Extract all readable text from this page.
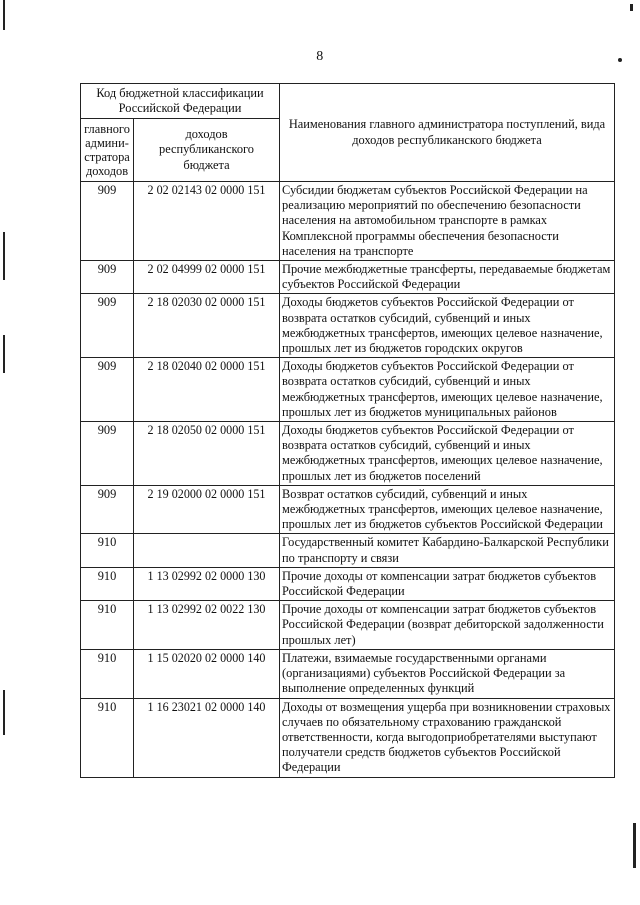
8
Код бюджетной классификации Российской Федерации		Наименования главного администратора поступлений, вида доходов республиканского бюджета
главного админи-стратора доходов	доходов республиканского бюджета	
909	2 02 02143 02 0000 151	Субсидии бюджетам субъектов Российской Федерации на реализацию мероприятий по обеспечению безопасности населения на автомобильном транспорте в рамках Комплексной программы обеспечения безопасности населения на транспорте
909	2 02 04999 02 0000 151	Прочие межбюджетные трансферты, передаваемые бюджетам субъектов Российской Федерации
909	2 18 02030 02 0000 151	Доходы бюджетов субъектов Российской Федерации от возврата остатков субсидий, субвенций и иных межбюджетных трансфертов, имеющих целевое назначение, прошлых лет из бюджетов городских округов
909	2 18 02040 02 0000 151	Доходы бюджетов субъектов Российской Федерации от возврата остатков субсидий, субвенций и иных межбюджетных трансфертов, имеющих целевое назначение, прошлых лет из бюджетов муниципальных районов
909	2 18 02050 02 0000 151	Доходы бюджетов субъектов Российской Федерации от возврата остатков субсидий, субвенций и иных межбюджетных трансфертов, имеющих целевое назначение, прошлых лет из бюджетов поселений
909	2 19 02000 02 0000 151	Возврат остатков субсидий, субвенций и иных межбюджетных трансфертов, имеющих целевое назначение, прошлых лет из бюджетов субъектов Российской Федерации
910		Государственный комитет Кабардино-Балкарской Республики по транспорту и связи
910	1 13 02992 02 0000 130	Прочие доходы от компенсации затрат бюджетов субъектов Российской Федерации
910	1 13 02992 02 0022 130	Прочие доходы от компенсации затрат бюджетов субъектов Российской Федерации (возврат дебиторской задолженности прошлых лет)
910	1 15 02020 02 0000 140	Платежи, взимаемые государственными органами (организациями) субъектов Российской Федерации за выполнение определенных функций
910	1 16 23021 02 0000 140	Доходы от возмещения ущерба при возникновении страховых случаев по обязательному страхованию гражданской ответственности, когда выгодоприобретателями выступают получатели средств бюджетов субъектов Российской Федерации
